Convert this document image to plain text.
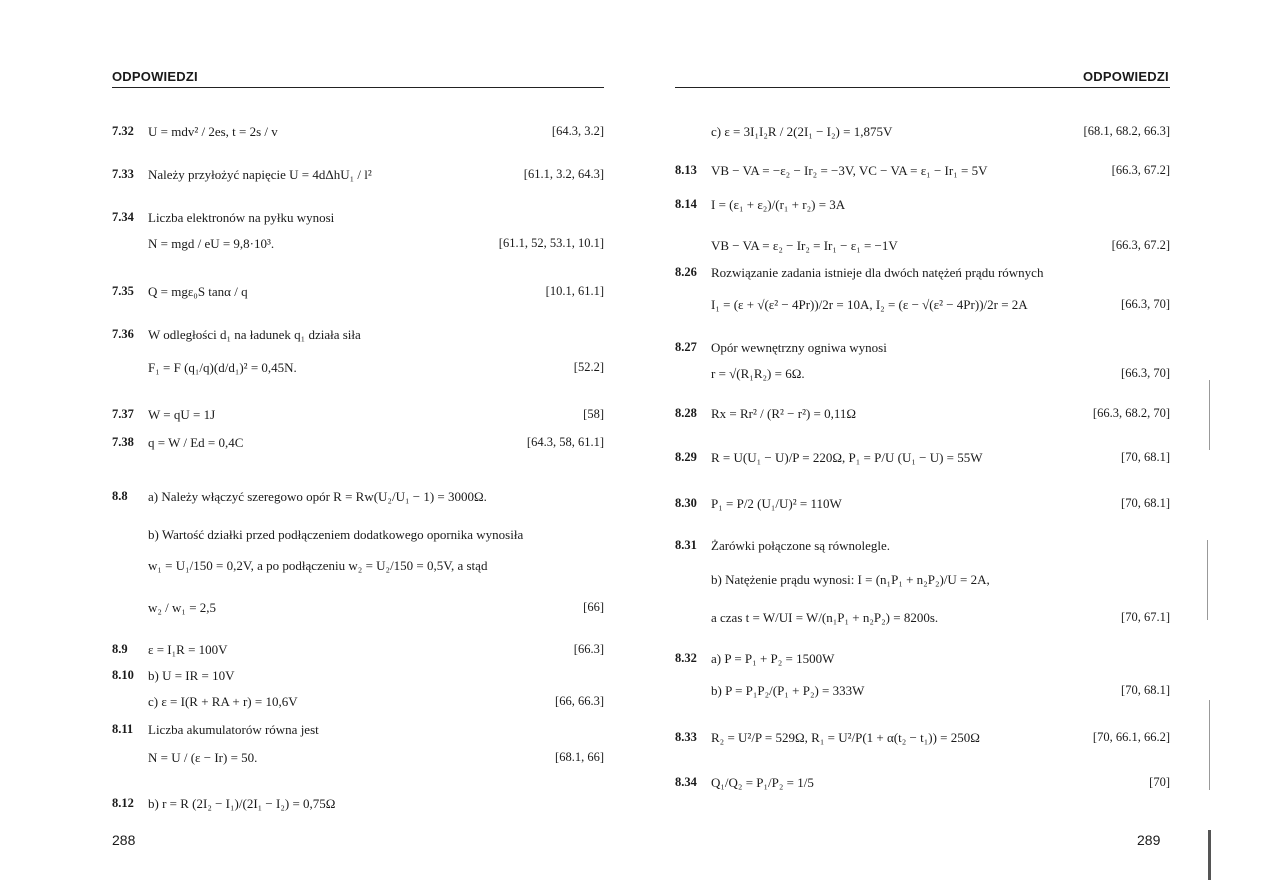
ODPOWIEDZI
288
7.32 U = mdv² / 2es, t = 2s / v	[64.3, 3.2]
7.33 Należy przyłożyć napięcie U = 4dΔhU₁ / l²	[61.1, 3.2, 64.3]
7.34 Liczba elektronów na pyłku wynosi
N = mgd / eU = 9,8·10³.	[61.1, 52, 53.1, 10.1]
7.35 Q = mgε₀S tanα / q	[10.1, 61.1]
7.36 W odległości d₁ na ładunek q₁ działa siła
F₁ = F (q₁/q)(d/d₁)² = 0,45N.	[52.2]
7.37 W = qU = 1J	[58]
7.38 q = W / Ed = 0,4C	[64.3, 58, 61.1]
8.8 a) Należy włączyć szeregowo opór R = Rw(U₂/U₁ − 1) = 3000Ω.
b) Wartość działki przed podłączeniem dodatkowego opornika wynosiła
w₁ = U₁/150 = 0,2V, a po podłączeniu w₂ = U₂/150 = 0,5V, a stąd
w₂ / w₁ = 2,5	[66]
8.9 ε = I₁R = 100V	[66.3]
8.10 b) U = IR = 10V
c) ε = I(R + RA + r) = 10,6V	[66, 66.3]
8.11 Liczba akumulatorów równa jest
N = U / (ε − Ir) = 50.	[68.1, 66]
8.12 b) r = R (2I₂ − I₁)/(2I₁ − I₂) = 0,75Ω
ODPOWIEDZI
289
c) ε = 3I₁I₂R / 2(2I₁ − I₂) = 1,875V	[68.1, 68.2, 66.3]
8.13 VB − VA = −ε₂ − Ir₂ = −3V, VC − VA = ε₁ − Ir₁ = 5V	[66.3, 67.2]
8.14 I = (ε₁ + ε₂)/(r₁ + r₂) = 3A
VB − VA = ε₂ − Ir₂ = Ir₁ − ε₁ = −1V	[66.3, 67.2]
8.26 Rozwiązanie zadania istnieje dla dwóch natężeń prądu równych
I₁ = (ε + √(ε² − 4Pr))/2r = 10A, I₂ = (ε − √(ε² − 4Pr))/2r = 2A	[66.3, 70]
8.27 Opór wewnętrzny ogniwa wynosi
r = √(R₁R₂) = 6Ω.	[66.3, 70]
8.28 Rx = Rr² / (R² − r²) = 0,11Ω	[66.3, 68.2, 70]
8.29 R = U(U₁ − U)/P = 220Ω, P₁ = P/U (U₁ − U) = 55W	[70, 68.1]
8.30 P₁ = P/2 (U₁/U)² = 110W	[70, 68.1]
8.31 Żarówki połączone są równolegle.
b) Natężenie prądu wynosi: I = (n₁P₁ + n₂P₂)/U = 2A,
a czas t = W/UI = W/(n₁P₁ + n₂P₂) = 8200s.	[70, 67.1]
8.32 a) P = P₁ + P₂ = 1500W
b) P = P₁P₂/(P₁ + P₂) = 333W	[70, 68.1]
8.33 R₂ = U²/P = 529Ω, R₁ = U²/P(1 + α(t₂ − t₁)) = 250Ω	[70, 66.1, 66.2]
8.34 Q₁/Q₂ = P₁/P₂ = 1/5	[70]
